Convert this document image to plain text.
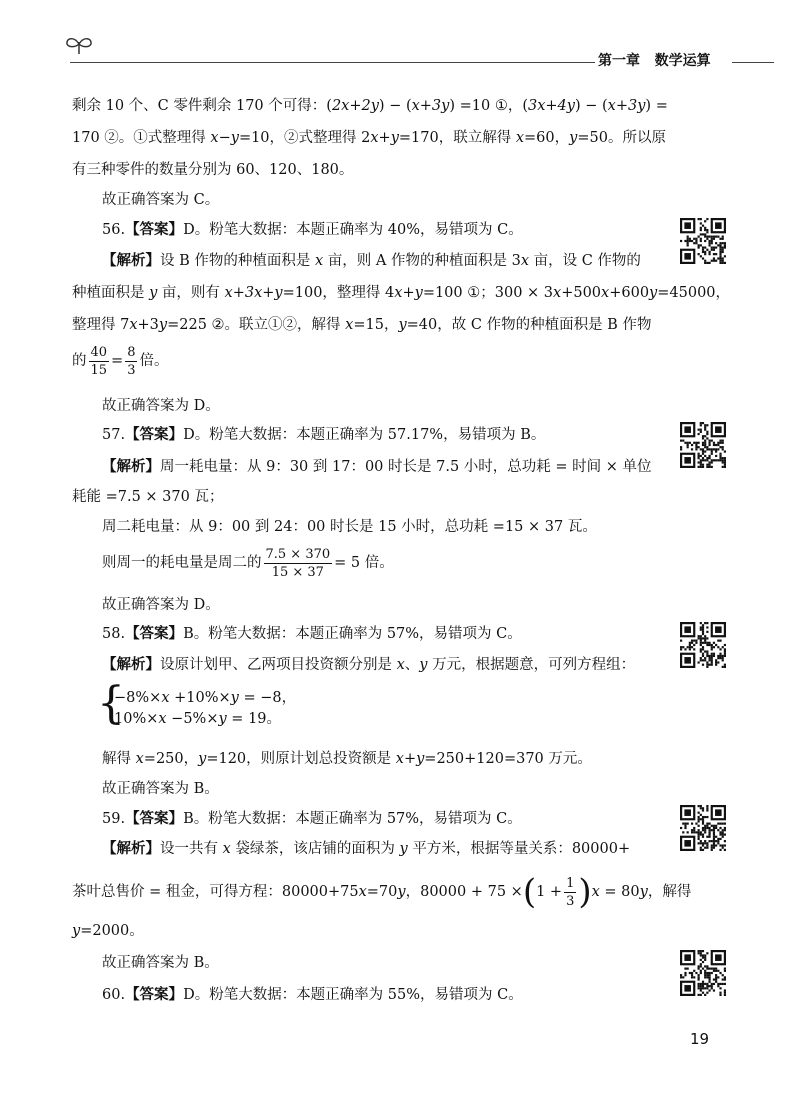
第一章 数学运算
剩余 10 个、C 零件剩余 170 个可得：(2x+2y) − (x+3y) =10 ①，(3x+4y) − (x+3y) =
170 ②。①式整理得 x−y=10，②式整理得 2x+y=170，联立解得 x=60，y=50。所以原
有三种零件的数量分别为 60、120、180。
故正确答案为 C。
56.【答案】D。粉笔大数据：本题正确率为 40%，易错项为 C。
【解析】设 B 作物的种植面积是 x 亩，则 A 作物的种植面积是 3x 亩，设 C 作物的
种植面积是 y 亩，则有 x+3x+y=100，整理得 4x+y=100 ①；300 × 3x+500x+600y=45000，
整理得 7x+3y=225 ②。联立①②，解得 x=15，y=40，故 C 作物的种植面积是 B 作物
的 $\frac{40}{15} = \frac{8}{3}$ 倍。
故正确答案为 D。
57.【答案】D。粉笔大数据：本题正确率为 57.17%，易错项为 B。
【解析】周一耗电量：从 9：30 到 17：00 时长是 7.5 小时，总功耗 = 时间 × 单位
耗能 =7.5 × 370 瓦；
周二耗电量：从 9：00 到 24：00 时长是 15 小时，总功耗 =15 × 37 瓦。
则周一的耗电量是周二的 $\frac{7.5 \times 370}{15 \times 37} = 5$ 倍。
故正确答案为 D。
58.【答案】B。粉笔大数据：本题正确率为 57%，易错项为 C。
【解析】设原计划甲、乙两项目投资额分别是 x、y 万元，根据题意，可列方程组：
{
−8%×x +10%×y = −8，
10%×x −5%×y = 19。
解得 x=250，y=120，则原计划总投资额是 x+y=250+120=370 万元。
故正确答案为 B。
59.【答案】B。粉笔大数据：本题正确率为 57%，易错项为 C。
【解析】设一共有 x 袋绿茶，该店铺的面积为 y 平方米，根据等量关系：80000+
茶叶总售价 = 租金，可得方程：80000+75x=70y，$80000 + 75 \times(1 + \frac{1}{3} )x = 80y$，解得
y=2000。
故正确答案为 B。
60.【答案】D。粉笔大数据：本题正确率为 55%，易错项为 C。
19
